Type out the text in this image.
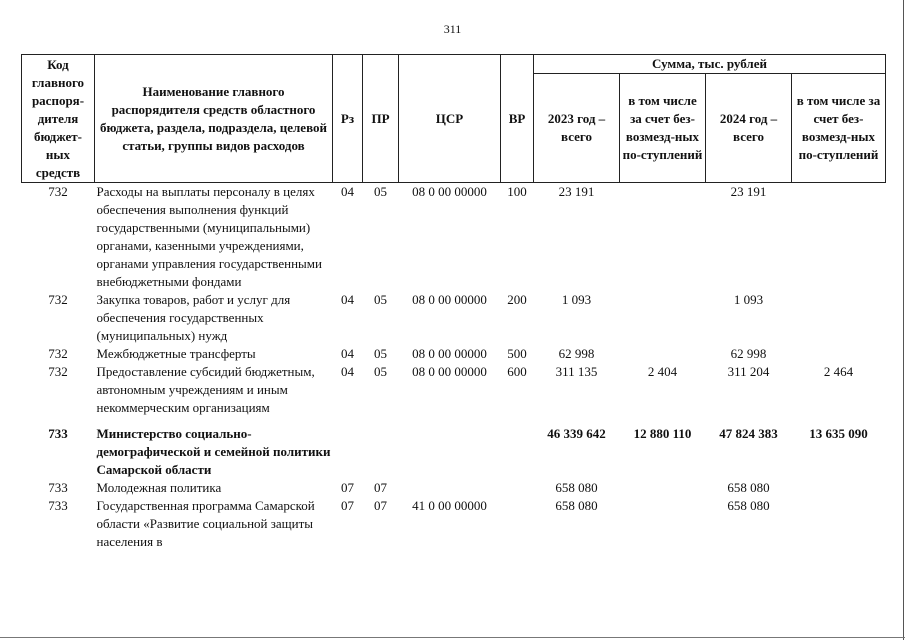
311
Код главного распоря-дителя бюджет-ных средств	Наименование главного распорядителя средств областного бюджета, раздела, подраздела, целевой статьи, группы видов расходов	Рз	ПР	ЦСР	ВР	Сумма, тыс. рублей			
						2023 год – всего	в том числе за счет без-возмезд-ных по-ступлений	2024 год – всего	в том числе за счет без-возмезд-ных по-ступлений
732	Расходы на выплаты персоналу в целях обеспечения выполнения функций государственными (муниципальными) органами, казенными учреждениями, органами управления государственными внебюджетными фондами	04	05	08 0 00 00000	100	23 191		23 191	
732	Закупка товаров, работ и услуг для обеспечения государственных (муниципальных) нужд	04	05	08 0 00 00000	200	1 093		1 093	
732	Межбюджетные трансферты	04	05	08 0 00 00000	500	62 998		62 998	
732	Предоставление субсидий бюджетным, автономным учреждениям и иным некоммерческим организациям	04	05	08 0 00 00000	600	311 135	2 404	311 204	2 464

733	Министерство социально-демографической и семейной политики Самарской области					46 339 642	12 880 110	47 824 383	13 635 090
733	Молодежная политика	07	07			658 080		658 080	
733	Государственная программа Самарской области «Развитие социальной защиты населения в	07	07	41 0 00 00000		658 080		658 080	
